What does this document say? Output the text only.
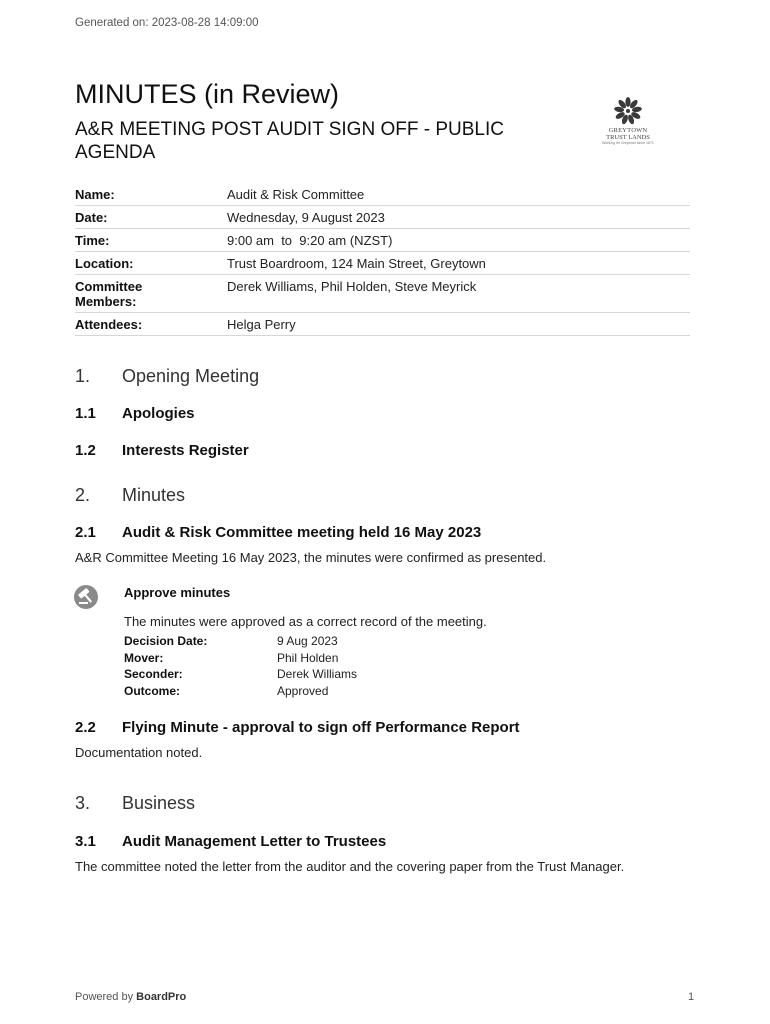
Generated on: 2023-08-28 14:09:00
MINUTES (in Review)
A&R MEETING POST AUDIT SIGN OFF - PUBLIC AGENDA
GREYTOWN
TRUST LANDS
Working for Greytown since 1871
Name:	Audit & Risk Committee
Date:	Wednesday, 9 August 2023
Time:	9:00 am  to  9:20 am (NZST)
Location:	Trust Boardroom, 124 Main Street, Greytown
Committee Members:	Derek Williams, Phil Holden, Steve Meyrick
Attendees:	Helga Perry
1. Opening Meeting
1.1 Apologies
1.2 Interests Register
2. Minutes
2.1 Audit & Risk Committee meeting held 16 May 2023
A&R Committee Meeting 16 May 2023, the minutes were confirmed as presented.
Approve minutes
The minutes were approved as a correct record of the meeting.
Decision Date:	9 Aug 2023
Mover:	Phil Holden
Seconder:	Derek Williams
Outcome:	Approved
2.2 Flying Minute - approval to sign off Performance Report
Documentation noted.
3. Business
3.1 Audit Management Letter to Trustees
The committee noted the letter from the auditor and the covering paper from the Trust Manager.
Powered by BoardPro	1
